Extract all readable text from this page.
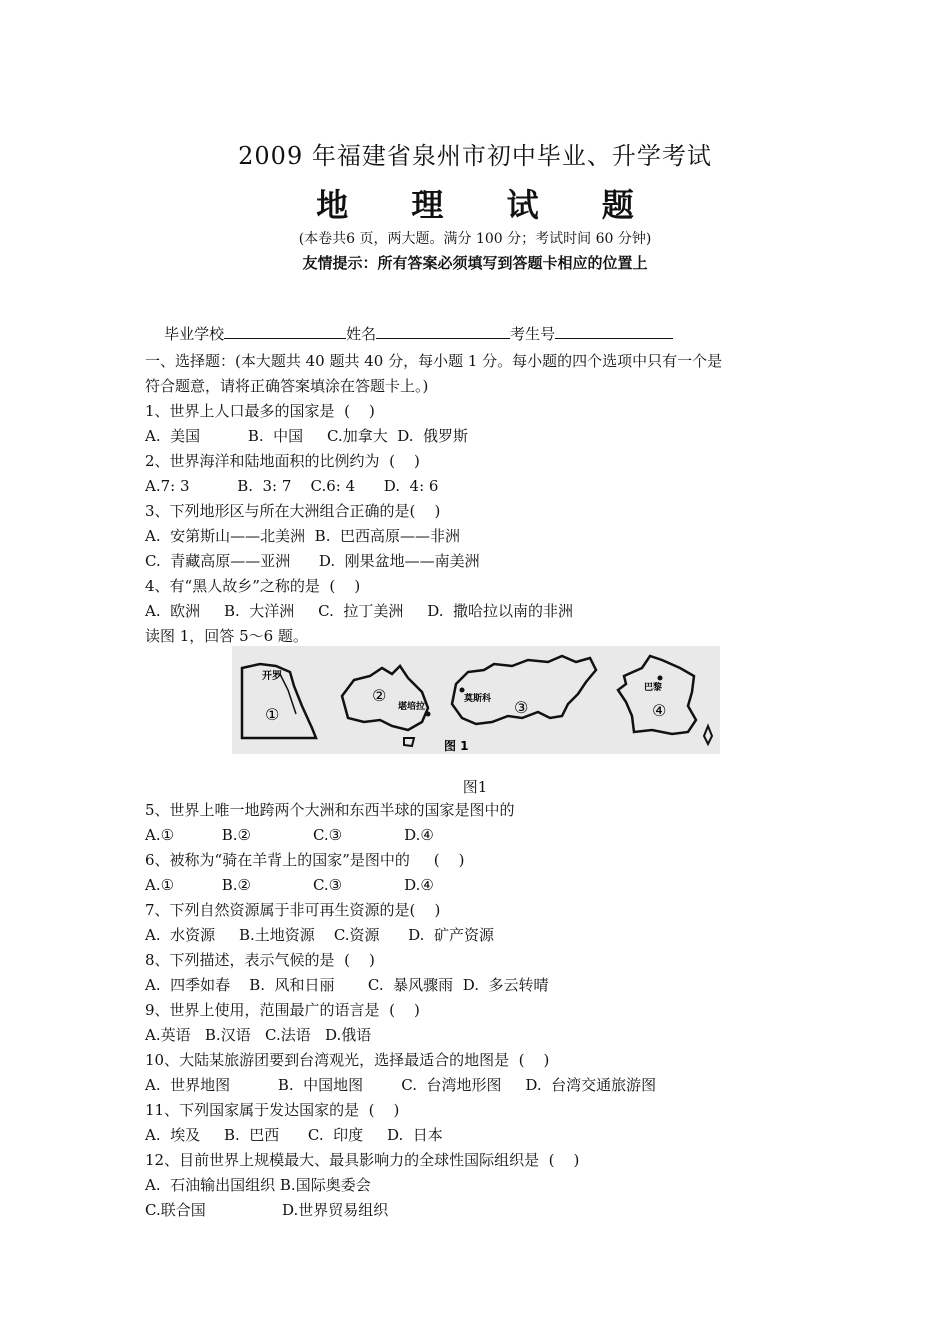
2009 年福建省泉州市初中毕业、升学考试
地 理 试 题
(本卷共6 页，两大题。满分 100 分；考试时间 60 分钟)
友情提示：所有答案必须填写到答题卡相应的位置上

毕业学校	姓名	考生号

一、选择题：(本大题共 40 题共 40 分，每小题 1 分。每小题的四个选项中只有一个是
符合题意，请将正确答案填涂在答题卡上。)
1、世界上人口最多的国家是  (    )
A.  美国          B.  中国     C.加拿大  D.  俄罗斯
2、世界海洋和陆地面积的比例约为  (    )
A.7: 3          B.  3: 7    C.6: 4      D.  4: 6
3、下列地形区与所在大洲组合正确的是(    )
A.  安第斯山——北美洲  B.  巴西高原——非洲
C.  青藏高原——亚洲      D.  刚果盆地——南美洲
4、有“黑人故乡”之称的是  (    )
A.  欧洲     B.  大洋洲     C.  拉丁美洲     D.  撒哈拉以南的非洲
读图 1，回答 5～6 题。
开罗
①
②
堪培拉
莫斯科 ③
巴黎
④
图 1
图1
5、世界上唯一地跨两个大洲和东西半球的国家是图中的
A.①          B.②             C.③             D.④
6、被称为“骑在羊背上的国家”是图中的     (    )
A.①          B.②             C.③             D.④
7、下列自然资源属于非可再生资源的是(    )
A.  水资源     B.土地资源    C.资源      D.  矿产资源
8、下列描述，表示气候的是  (    )
A.  四季如春    B.  风和日丽       C.  暴风骤雨  D.  多云转晴
9、世界上使用，范围最广的语言是  (    )
A.英语   B.汉语   C.法语   D.俄语
10、大陆某旅游团要到台湾观光，选择最适合的地图是  (    )
A.  世界地图          B.  中国地图        C.  台湾地形图     D.  台湾交通旅游图
11、下列国家属于发达国家的是  (    )
A.  埃及     B.  巴西      C.  印度     D.  日本
12、目前世界上规模最大、最具影响力的全球性国际组织是  (    )
A.  石油输出国组织 B.国际奥委会
C.联合国                D.世界贸易组织
